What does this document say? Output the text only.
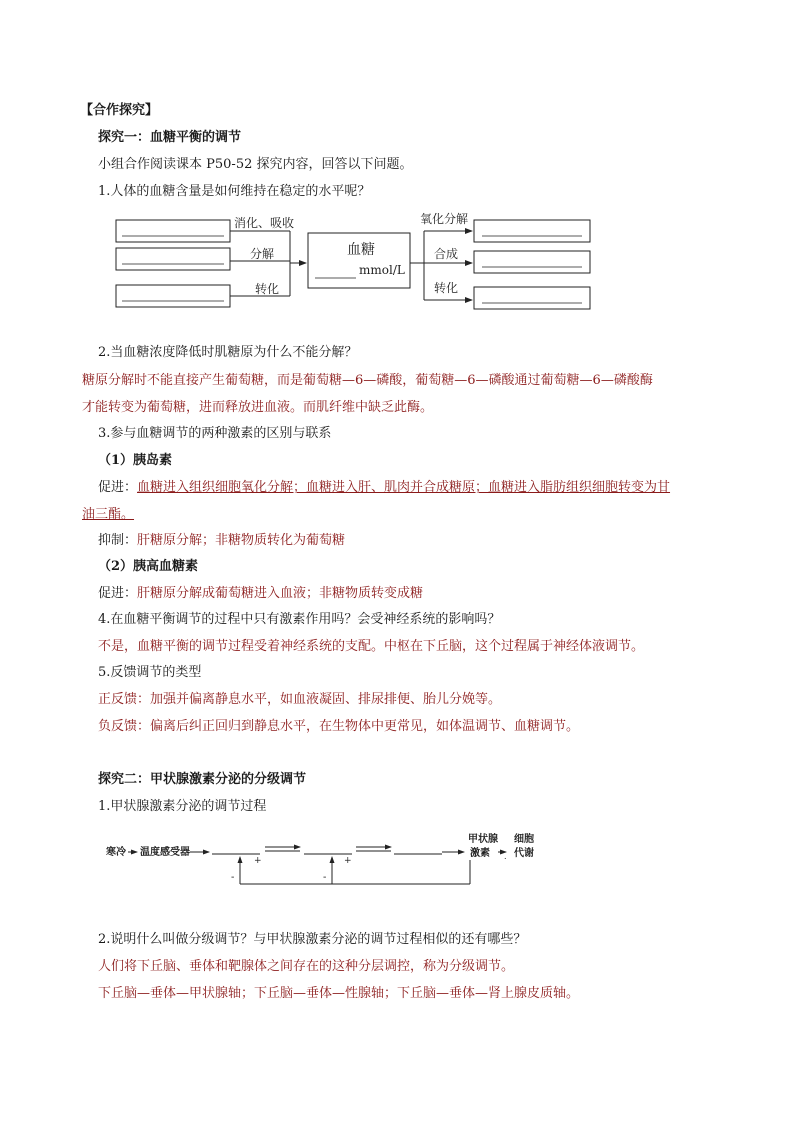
【合作探究】
探究一：血糖平衡的调节
小组合作阅读课本 P50-52 探究内容，回答以下问题。
1.人体的血糖含量是如何维持在稳定的水平呢？
消化、吸收
分解
转化
血糖
mmol/L
氧化分解
合成
转化
2.当血糖浓度降低时肌糖原为什么不能分解？
糖原分解时不能直接产生葡萄糖，而是葡萄糖—6—磷酸，葡萄糖—6—磷酸通过葡萄糖—6—磷酸酶
才能转变为葡萄糖，进而释放进血液。而肌纤维中缺乏此酶。
3.参与血糖调节的两种激素的区别与联系
（1）胰岛素
促进：血糖进入组织细胞氧化分解；血糖进入肝、肌肉并合成糖原；血糖进入脂肪组织细胞转变为甘
油三酯。
抑制：肝糖原分解；非糖物质转化为葡萄糖
（2）胰高血糖素
促进：肝糖原分解成葡萄糖进入血液；非糖物质转变成糖
4.在血糖平衡调节的过程中只有激素作用吗？会受神经系统的影响吗？
不是，血糖平衡的调节过程受着神经系统的支配。中枢在下丘脑，这个过程属于神经体液调节。
5.反馈调节的类型
正反馈：加强并偏离静息水平，如血液凝固、排尿排便、胎儿分娩等。
负反馈：偏离后纠正回归到静息水平，在生物体中更常见，如体温调节、血糖调节。
探究二：甲状腺激素分泌的分级调节
1.甲状腺激素分泌的调节过程
寒冷 温度感受器
甲状腺
激素 .
细胞
代谢
+	+
-	-
2.说明什么叫做分级调节？与甲状腺激素分泌的调节过程相似的还有哪些？
人们将下丘脑、垂体和靶腺体之间存在的这种分层调控，称为分级调节。
下丘脑—垂体—甲状腺轴；下丘脑—垂体—性腺轴；下丘脑—垂体—肾上腺皮质轴。
